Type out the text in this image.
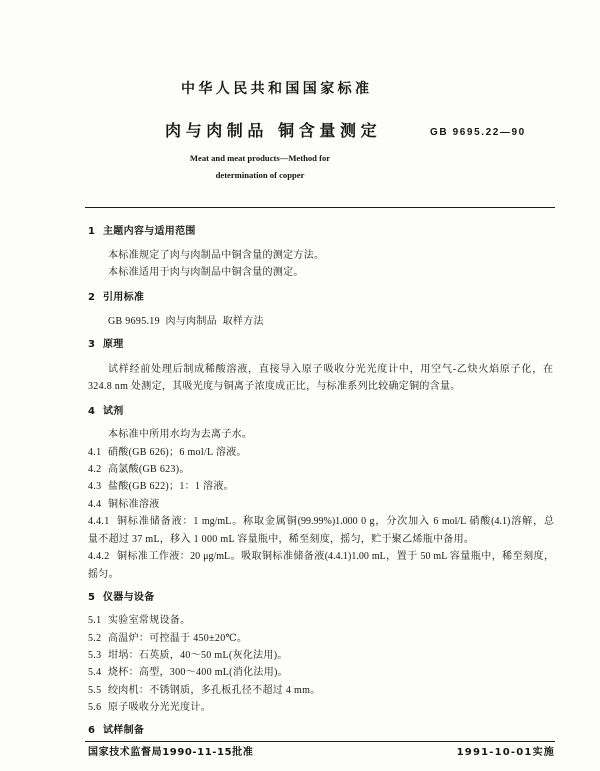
中华人民共和国国家标准
肉与肉制品 铜含量测定	GB 9695.22—90
Meat and meat products—Method for
determination of copper
1 主题内容与适用范围
本标准规定了肉与肉制品中铜含量的测定方法。
本标准适用于肉与肉制品中铜含量的测定。
2 引用标准
GB 9695.19  肉与肉制品  取样方法
3 原理
试样经前处理后制成稀酸溶液，直接导入原子吸收分光光度计中，用空气-乙炔火焰原子化，在
324.8 nm 处测定，其吸光度与铜离子浓度成正比，与标准系列比较确定铜的含量。
4 试剂
本标准中所用水均为去离子水。
4.1 硝酸(GB 626)；6 mol/L 溶液。
4.2 高氯酸(GB 623)。
4.3 盐酸(GB 622)；1：1 溶液。
4.4 铜标准溶液
4.4.1 铜标准储备液：1 mg/mL。称取金属铜(99.99%)1.000 0 g，分次加入 6 mol/L 硝酸(4.1)溶解，总
量不超过 37 mL，移入 1 000 mL 容量瓶中，稀至刻度，摇匀，贮于聚乙烯瓶中备用。
4.4.2 铜标准工作液：20 μg/mL。吸取铜标准储备液(4.4.1)1.00 mL，置于 50 mL 容量瓶中，稀至刻度，
摇匀。
5 仪器与设备
5.1 实验室常规设备。
5.2 高温炉：可控温于 450±20℃。
5.3 坩埚：石英质，40～50 mL(灰化法用)。
5.4 烧杯：高型，300～400 mL(消化法用)。
5.5 绞肉机：不锈钢质，多孔板孔径不超过 4 mm。
5.6 原子吸收分光光度计。
6 试样制备
国家技术监督局1990-11-15批准	1991-10-01实施
